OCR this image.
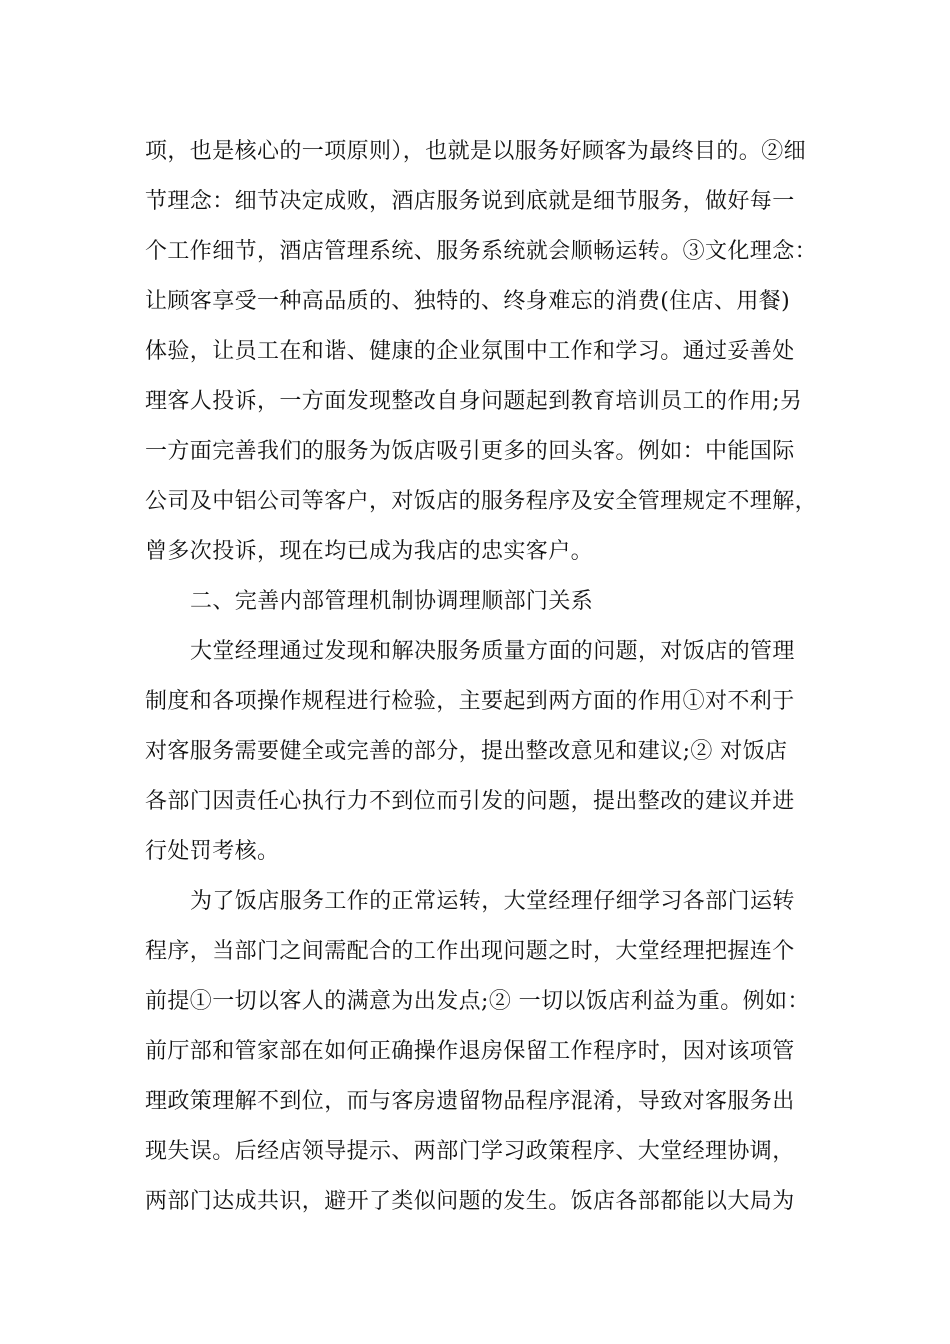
项，也是核心的一项原则），也就是以服务好顾客为最终目的。②细
节理念：细节决定成败，酒店服务说到底就是细节服务，做好每一
个工作细节，酒店管理系统、服务系统就会顺畅运转。③文化理念：
让顾客享受一种高品质的、独特的、终身难忘的消费(住店、用餐)
体验，让员工在和谐、健康的企业氛围中工作和学习。通过妥善处
理客人投诉，一方面发现整改自身问题起到教育培训员工的作用;另
一方面完善我们的服务为饭店吸引更多的回头客。例如：中能国际
公司及中铝公司等客户，对饭店的服务程序及安全管理规定不理解，
曾多次投诉，现在均已成为我店的忠实客户。
二、完善内部管理机制协调理顺部门关系
大堂经理通过发现和解决服务质量方面的问题，对饭店的管理
制度和各项操作规程进行检验，主要起到两方面的作用①对不利于
对客服务需要健全或完善的部分，提出整改意见和建议;② 对饭店
各部门因责任心执行力不到位而引发的问题，提出整改的建议并进
行处罚考核。
为了饭店服务工作的正常运转，大堂经理仔细学习各部门运转
程序，当部门之间需配合的工作出现问题之时，大堂经理把握连个
前提①一切以客人的满意为出发点;② 一切以饭店利益为重。例如：
前厅部和管家部在如何正确操作退房保留工作程序时，因对该项管
理政策理解不到位，而与客房遗留物品程序混淆，导致对客服务出
现失误。后经店领导提示、两部门学习政策程序、大堂经理协调，
两部门达成共识，避开了类似问题的发生。饭店各部都能以大局为
